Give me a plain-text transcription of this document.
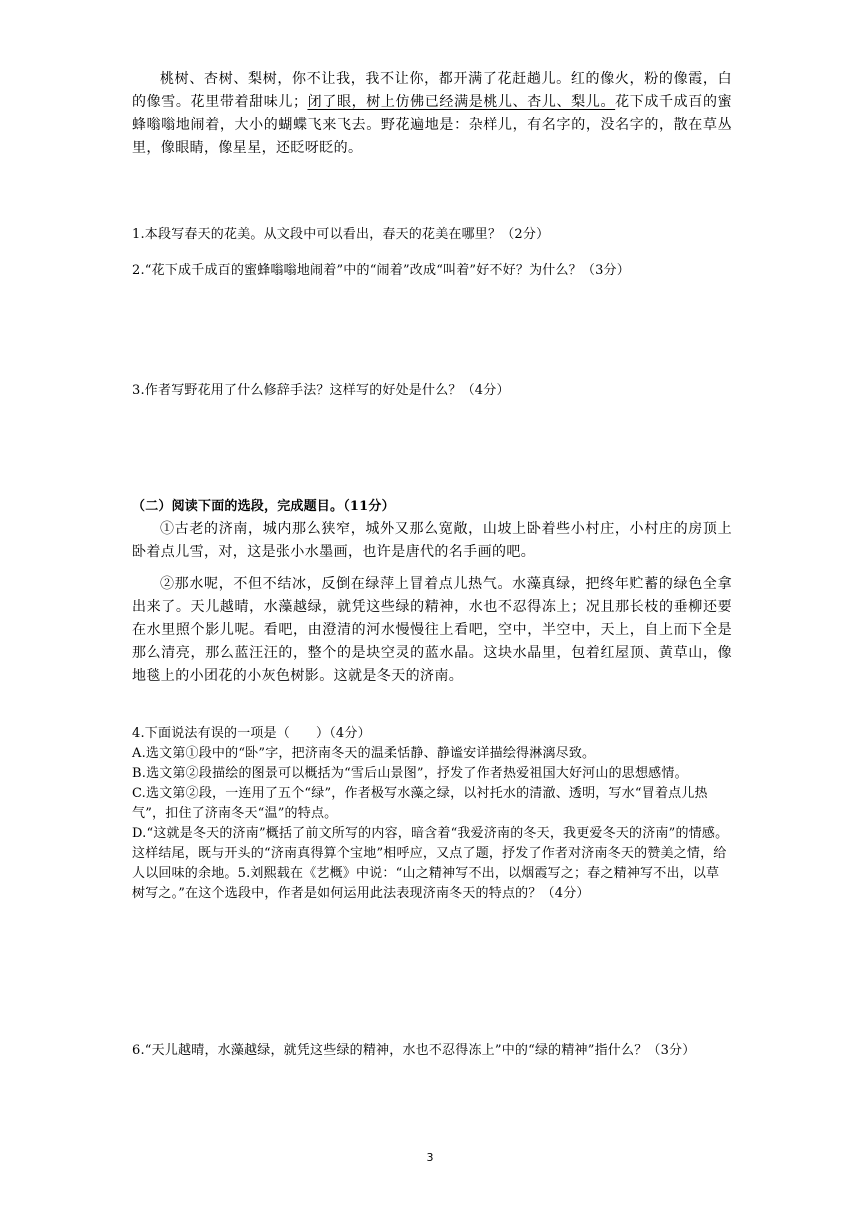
桃树、杏树、梨树，你不让我，我不让你，都开满了花赶趟儿。红的像火，粉的像霞，白的像雪。花里带着甜味儿；闭了眼，树上仿佛已经满是桃儿、杏儿、梨儿。花下成千成百的蜜蜂嗡嗡地闹着，大小的蝴蝶飞来飞去。野花遍地是：杂样儿，有名字的，没名字的，散在草丛里，像眼睛，像星星，还眨呀眨的。
1.本段写春天的花美。从文段中可以看出，春天的花美在哪里？（2分）
2.“花下成千成百的蜜蜂嗡嗡地闹着”中的“闹着”改成“叫着”好不好？为什么？（3分）
3.作者写野花用了什么修辞手法？这样写的好处是什么？（4分）
（二）阅读下面的选段，完成题目。（11分）
①古老的济南，城内那么狭窄，城外又那么宽敞，山坡上卧着些小村庄，小村庄的房顶上卧着点儿雪，对，这是张小水墨画，也许是唐代的名手画的吧。
②那水呢，不但不结冰，反倒在绿萍上冒着点儿热气。水藻真绿，把终年贮蓄的绿色全拿出来了。天儿越晴，水藻越绿，就凭这些绿的精神，水也不忍得冻上；况且那长枝的垂柳还要在水里照个影儿呢。看吧，由澄清的河水慢慢往上看吧，空中，半空中，天上，自上而下全是那么清亮，那么蓝汪汪的，整个的是块空灵的蓝水晶。这块水晶里，包着红屋顶、黄草山，像地毯上的小团花的小灰色树影。这就是冬天的济南。
4.下面说法有误的一项是（ ）（4分）
A.选文第①段中的“卧”字，把济南冬天的温柔恬静、静谧安详描绘得淋漓尽致。
B.选文第②段描绘的图景可以概括为“雪后山景图”，抒发了作者热爱祖国大好河山的思想感情。
C.选文第②段，一连用了五个“绿”，作者极写水藻之绿，以衬托水的清澈、透明，写水“冒着点儿热气”，扣住了济南冬天“温”的特点。
D.“这就是冬天的济南”概括了前文所写的内容，暗含着“我爱济南的冬天，我更爱冬天的济南”的情感。这样结尾，既与开头的“济南真得算个宝地”相呼应，又点了题，抒发了作者对济南冬天的赞美之情，给人以回味的余地。5.刘熙载在《艺概》中说：“山之精神写不出，以烟霞写之；春之精神写不出，以草树写之。”在这个选段中，作者是如何运用此法表现济南冬天的特点的？（4分）
6.“天儿越晴，水藻越绿，就凭这些绿的精神，水也不忍得冻上”中的“绿的精神”指什么？（3分）
3
